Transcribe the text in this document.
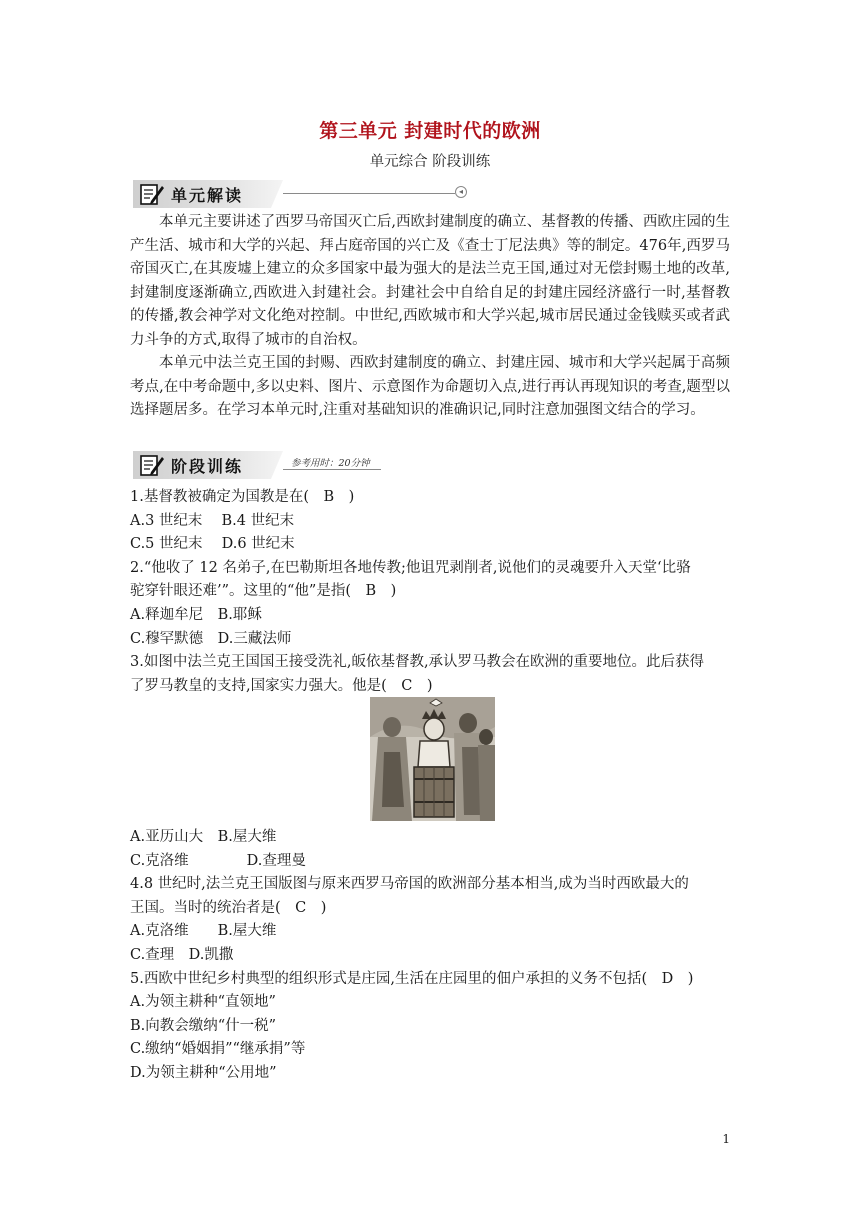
第三单元 封建时代的欧洲
单元综合 阶段训练
单元解读	◂

本单元主要讲述了西罗马帝国灭亡后,西欧封建制度的确立、基督教的传播、西欧庄园的生产生活、城市和大学的兴起、拜占庭帝国的兴亡及《查士丁尼法典》等的制定。476年,西罗马帝国灭亡,在其废墟上建立的众多国家中最为强大的是法兰克王国,通过对无偿封赐土地的改革,封建制度逐渐确立,西欧进入封建社会。封建社会中自给自足的封建庄园经济盛行一时,基督教的传播,教会神学对文化绝对控制。中世纪,西欧城市和大学兴起,城市居民通过金钱赎买或者武力斗争的方式,取得了城市的自治权。

本单元中法兰克王国的封赐、西欧封建制度的确立、封建庄园、城市和大学兴起属于高频考点,在中考命题中,多以史料、图片、示意图作为命题切入点,进行再认再现知识的考查,题型以选择题居多。在学习本单元时,注重对基础知识的准确识记,同时注意加强图文结合的学习。

阶段训练	参考用时：20分钟
1.基督教被确定为国教是在(　B　)
A.3 世纪末　 B.4 世纪末
C.5 世纪末　 D.6 世纪末
2.“他收了 12 名弟子,在巴勒斯坦各地传教;他诅咒剥削者,说他们的灵魂要升入天堂‘比骆
驼穿针眼还难’”。这里的“他”是指(　B　)
A.释迦牟尼　B.耶稣
C.穆罕默德　D.三藏法师
3.如图中法兰克王国国王接受洗礼,皈依基督教,承认罗马教会在欧洲的重要地位。此后获得
了罗马教皇的支持,国家实力强大。他是(　C　)
A.亚历山大　B.屋大维
C.克洛维　　　　D.查理曼
4.8 世纪时,法兰克王国版图与原来西罗马帝国的欧洲部分基本相当,成为当时西欧最大的
王国。当时的统治者是(　C　)
A.克洛维　　B.屋大维
C.查理　D.凯撒
5.西欧中世纪乡村典型的组织形式是庄园,生活在庄园里的佃户承担的义务不包括(　D　)
A.为领主耕种“直领地”
B.向教会缴纳“什一税”
C.缴纳“婚姻捐”“继承捐”等
D.为领主耕种“公用地”
1
